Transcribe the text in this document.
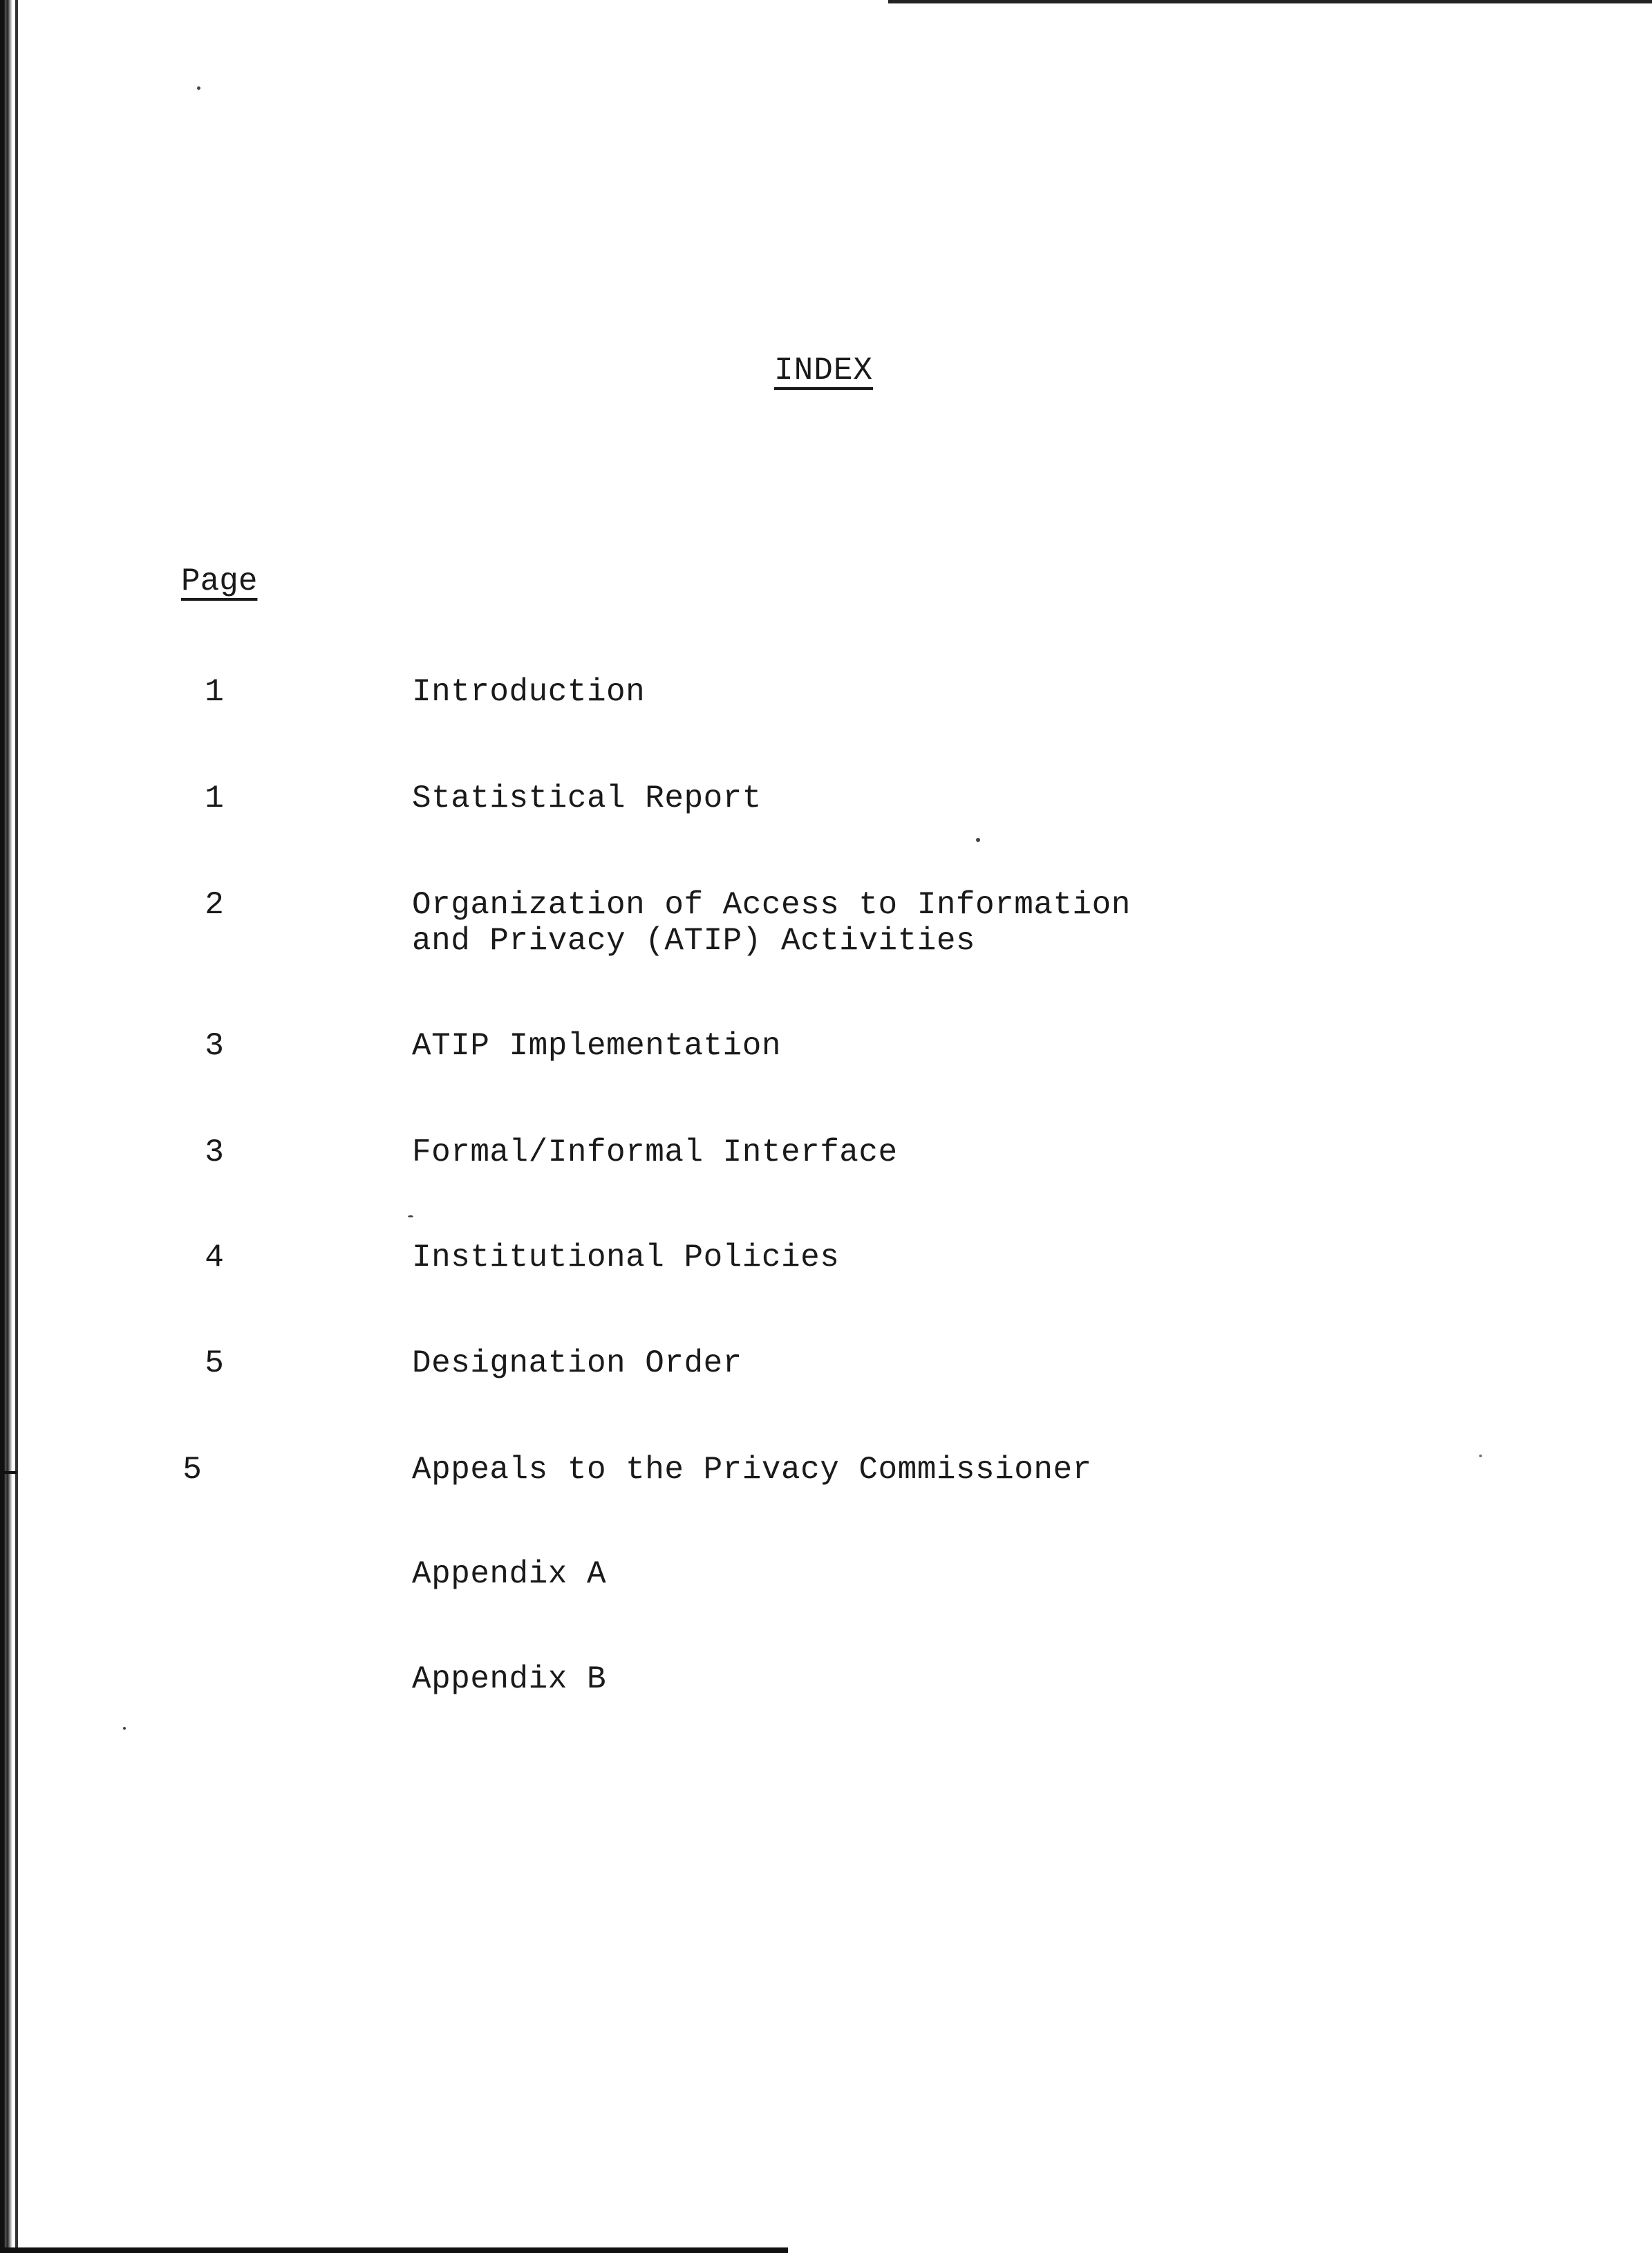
INDEX
Page
1	Introduction
1	Statistical Report
2	Organization of Access to Information
and Privacy (ATIP) Activities
3	ATIP Implementation
3	Formal/Informal Interface
4	Institutional Policies
5	Designation Order
5	Appeals to the Privacy Commissioner
Appendix A
Appendix B
